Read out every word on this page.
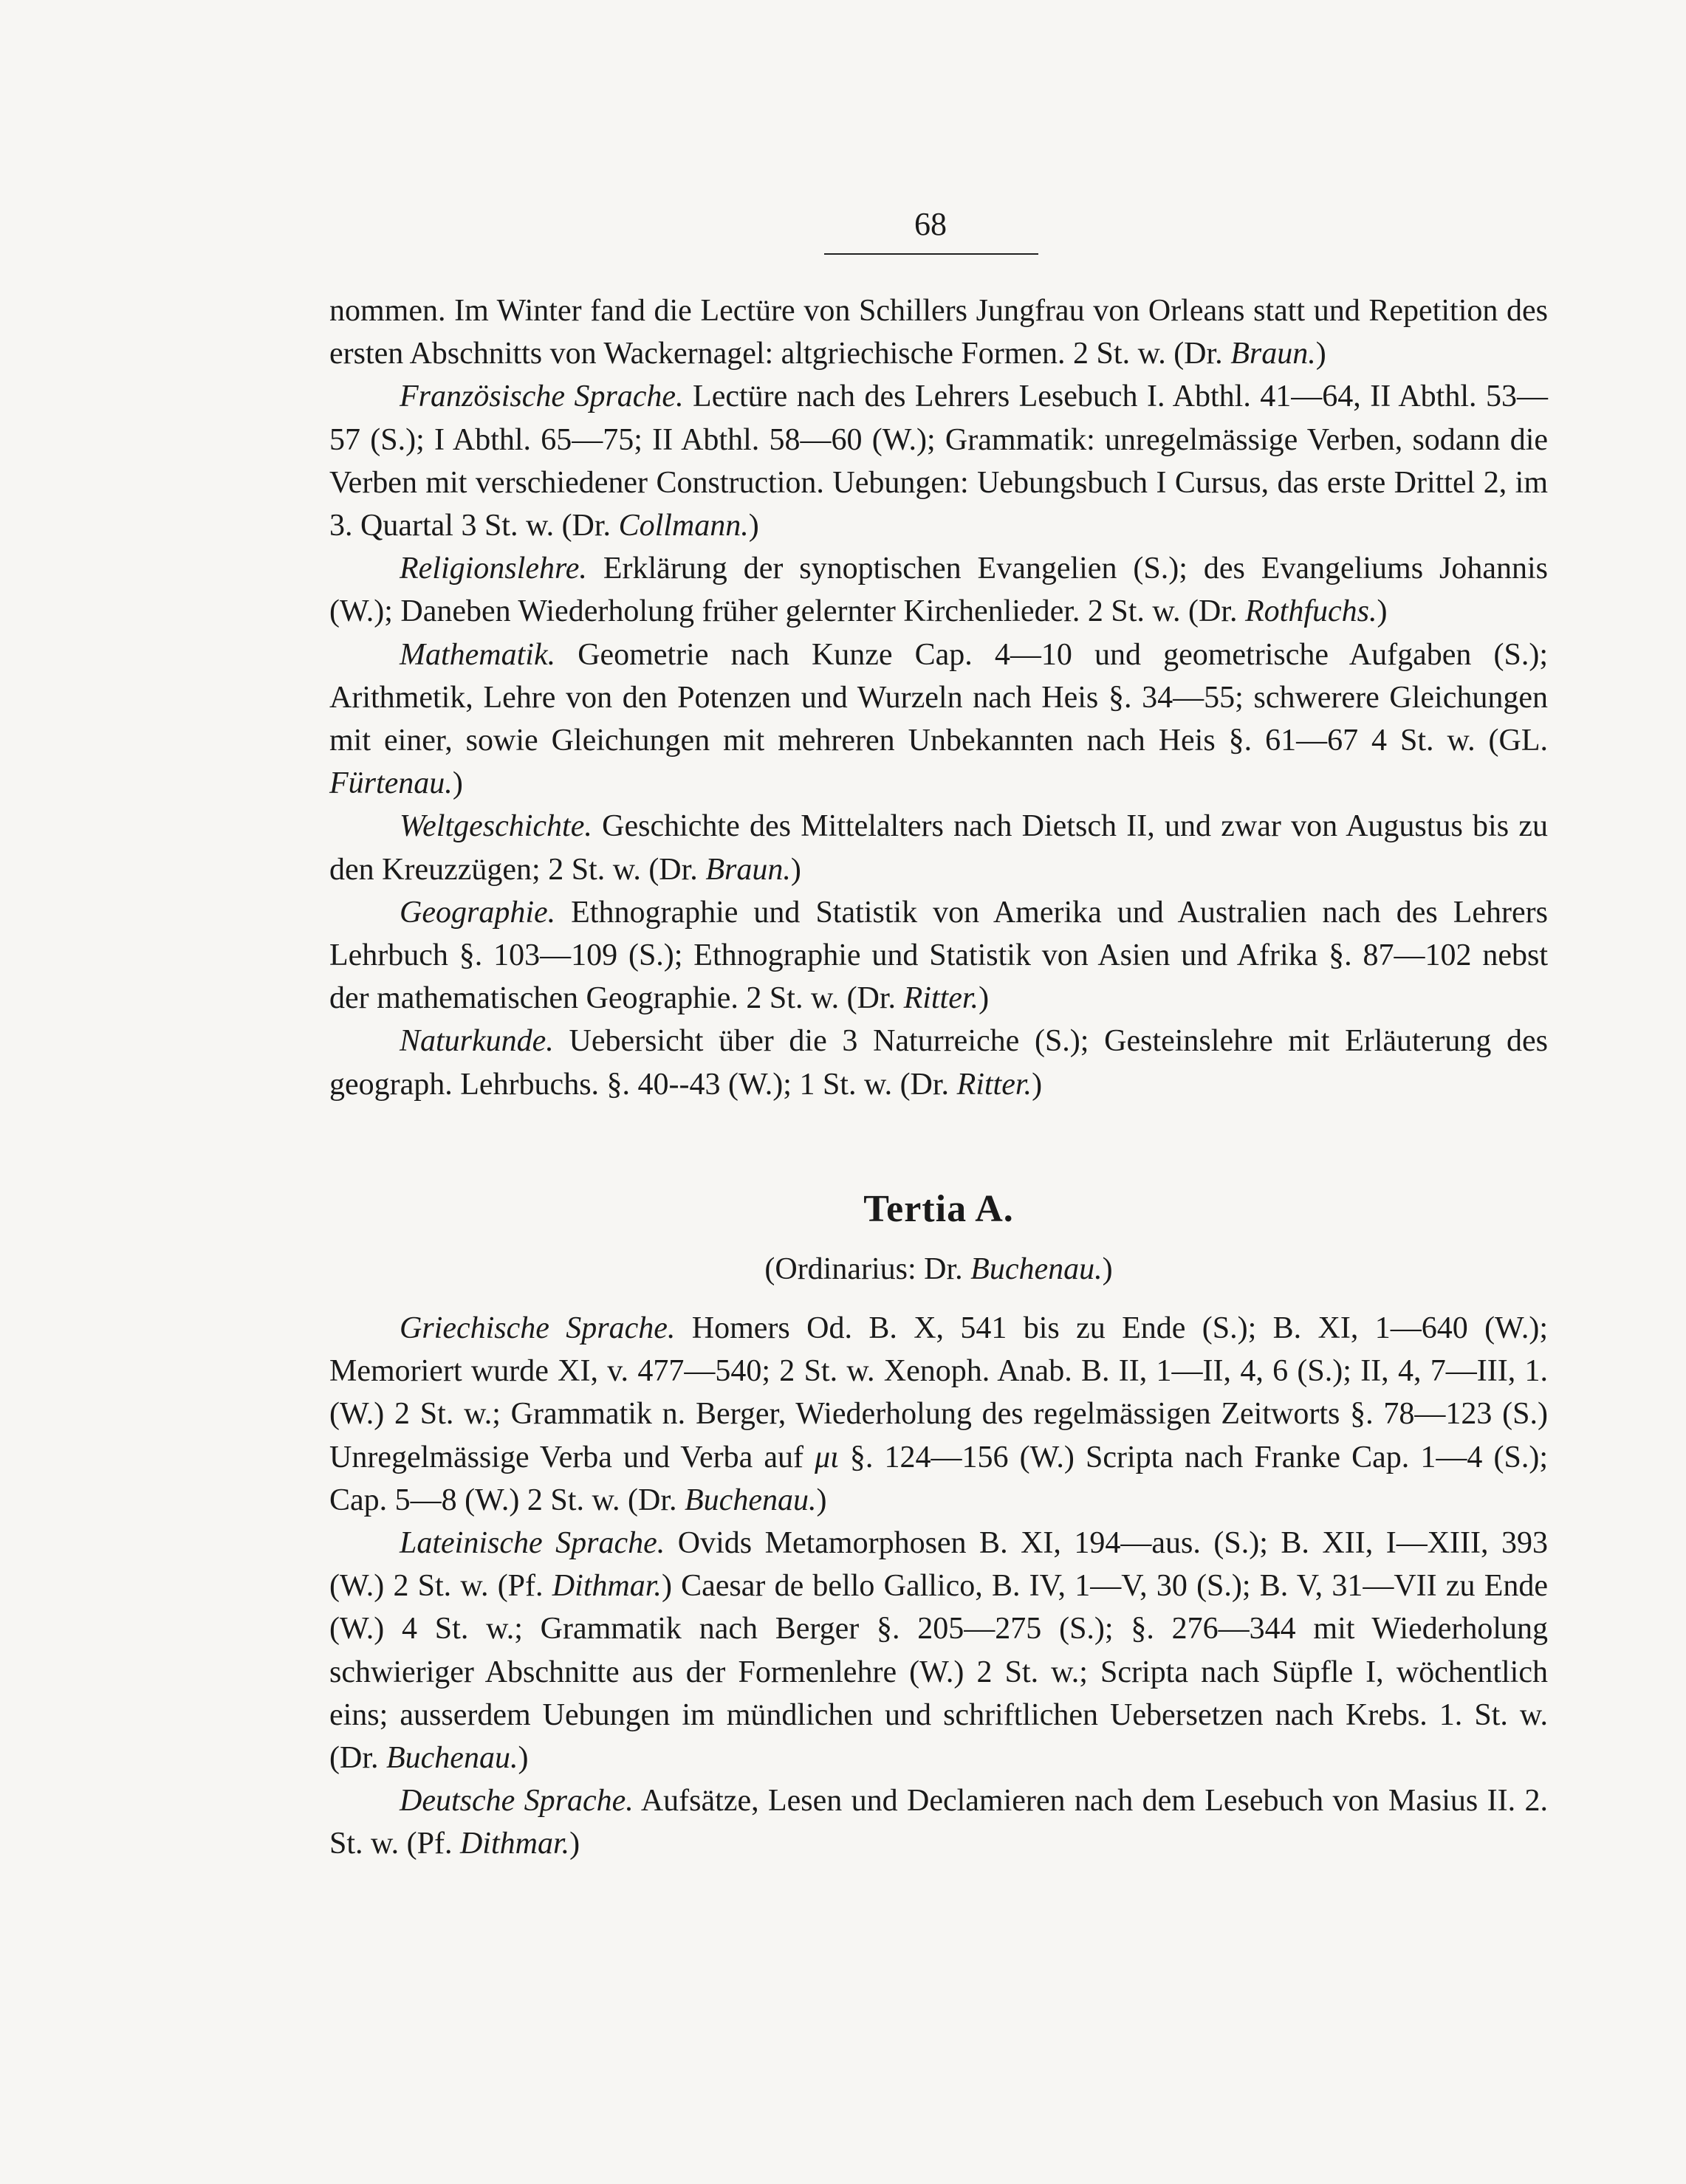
68

nommen. Im Winter fand die Lectüre von Schillers Jungfrau von Orleans statt und Repetition des ersten Abschnitts von Wackernagel: altgriechische Formen. 2 St. w. (Dr. Braun.)

Französische Sprache. Lectüre nach des Lehrers Lesebuch I. Abthl. 41—64, II Abthl. 53—57 (S.); I Abthl. 65—75; II Abthl. 58—60 (W.); Grammatik: unregelmässige Verben, sodann die Verben mit verschiedener Construction. Uebungen: Uebungsbuch I Cursus, das erste Drittel 2, im 3. Quartal 3 St. w. (Dr. Collmann.)

Religionslehre. Erklärung der synoptischen Evangelien (S.); des Evangeliums Johannis (W.); Daneben Wiederholung früher gelernter Kirchenlieder. 2 St. w. (Dr. Rothfuchs.)

Mathematik. Geometrie nach Kunze Cap. 4—10 und geometrische Aufgaben (S.); Arithmetik, Lehre von den Potenzen und Wurzeln nach Heis §. 34—55; schwerere Gleichungen mit einer, sowie Gleichungen mit mehreren Unbekannten nach Heis §. 61—67 4 St. w. (GL. Fürtenau.)

Weltgeschichte. Geschichte des Mittelalters nach Dietsch II, und zwar von Augustus bis zu den Kreuzzügen; 2 St. w. (Dr. Braun.)

Geographie. Ethnographie und Statistik von Amerika und Australien nach des Lehrers Lehrbuch §. 103—109 (S.); Ethnographie und Statistik von Asien und Afrika §. 87—102 nebst der mathematischen Geographie. 2 St. w. (Dr. Ritter.)

Naturkunde. Uebersicht über die 3 Naturreiche (S.); Gesteinslehre mit Erläuterung des geograph. Lehrbuchs. §. 40--43 (W.); 1 St. w. (Dr. Ritter.)

Tertia A.
(Ordinarius: Dr. Buchenau.)

Griechische Sprache. Homers Od. B. X, 541 bis zu Ende (S.); B. XI, 1—640 (W.); Memoriert wurde XI, v. 477—540; 2 St. w. Xenoph. Anab. B. II, 1—II, 4, 6 (S.); II, 4, 7—III, 1. (W.) 2 St. w.; Grammatik n. Berger, Wiederholung des regelmässigen Zeitworts §. 78—123 (S.) Unregelmässige Verba und Verba auf μι §. 124—156 (W.) Scripta nach Franke Cap. 1—4 (S.); Cap. 5—8 (W.) 2 St. w. (Dr. Buchenau.)

Lateinische Sprache. Ovids Metamorphosen B. XI, 194—aus. (S.); B. XII, I—XIII, 393 (W.) 2 St. w. (Pf. Dithmar.) Caesar de bello Gallico, B. IV, 1—V, 30 (S.); B. V, 31—VII zu Ende (W.) 4 St. w.; Grammatik nach Berger §. 205—275 (S.); §. 276—344 mit Wiederholung schwieriger Abschnitte aus der Formenlehre (W.) 2 St. w.; Scripta nach Süpfle I, wöchentlich eins; ausserdem Uebungen im mündlichen und schriftlichen Uebersetzen nach Krebs. 1. St. w. (Dr. Buchenau.)

Deutsche Sprache. Aufsätze, Lesen und Declamieren nach dem Lesebuch von Masius II. 2. St. w. (Pf. Dithmar.)
